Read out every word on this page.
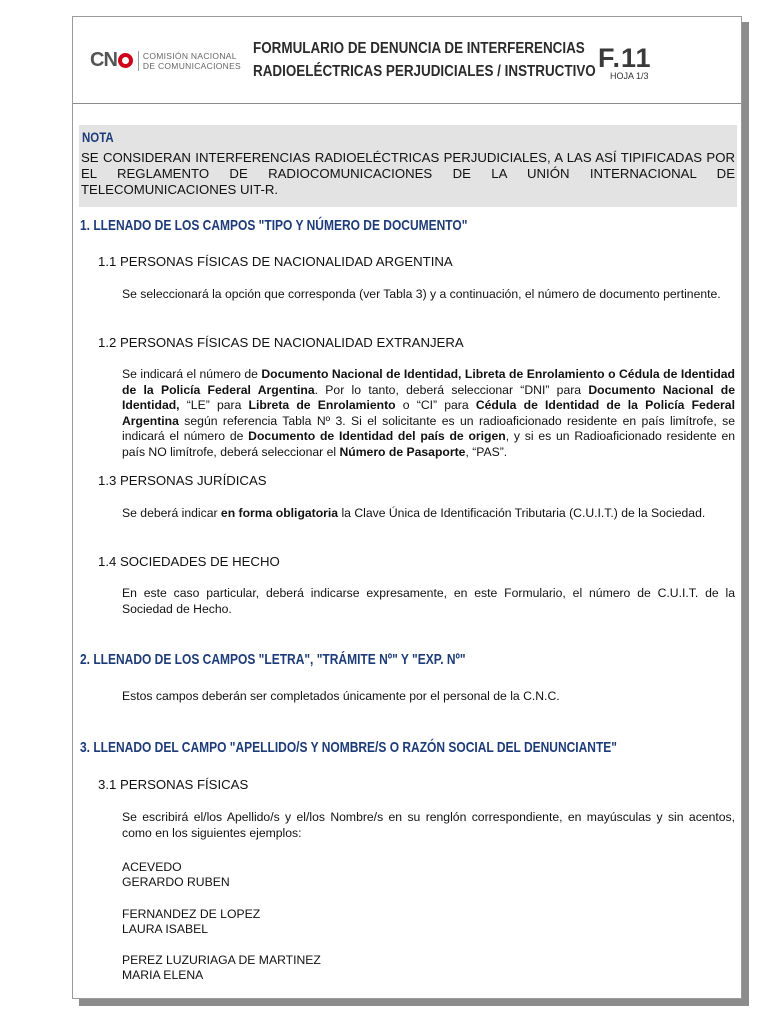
CN	COMISIÓN NACIONAL
DE COMUNICACIONES
FORMULARIO DE DENUNCIA DE INTERFERENCIAS
RADIOELÉCTRICAS PERJUDICIALES / INSTRUCTIVO F.11
HOJA 1/3
NOTA
SE CONSIDERAN INTERFERENCIAS RADIOELÉCTRICAS PERJUDICIALES, A LAS ASÍ TIPIFICADAS POR EL REGLAMENTO DE RADIOCOMUNICACIONES DE LA UNIÓN INTERNACIONAL DE TELECOMUNICACIONES UIT-R.
1. LLENADO DE LOS CAMPOS "TIPO Y NÚMERO DE DOCUMENTO"
1.1 PERSONAS FÍSICAS DE NACIONALIDAD ARGENTINA
Se seleccionará la opción que corresponda (ver Tabla 3) y a continuación, el número de documento pertinente.
1.2 PERSONAS FÍSICAS DE NACIONALIDAD EXTRANJERA
Se indicará el número de Documento Nacional de Identidad, Libreta de Enrolamiento o Cédula de Identidad de la Policía Federal Argentina. Por lo tanto, deberá seleccionar “DNI” para Documento Nacional de Identidad, “LE” para Libreta de Enrolamiento o “CI” para Cédula de Identidad de la Policía Federal Argentina según referencia Tabla Nº 3. Si el solicitante es un radioaficionado residente en país limítrofe, se indicará el número de Documento de Identidad del país de origen, y si es un Radioaficionado residente en país NO limítrofe, deberá seleccionar el Número de Pasaporte, “PAS”.
1.3 PERSONAS JURÍDICAS
Se deberá indicar en forma obligatoria la Clave Única de Identificación Tributaria (C.U.I.T.) de la Sociedad.
1.4 SOCIEDADES DE HECHO
En este caso particular, deberá indicarse expresamente, en este Formulario, el número de C.U.I.T. de la Sociedad de Hecho.
2. LLENADO DE LOS CAMPOS "LETRA", "TRÁMITE Nº" Y "EXP. Nº"
Estos campos deberán ser completados únicamente por el personal de la C.N.C.
3. LLENADO DEL CAMPO "APELLIDO/S Y NOMBRE/S O RAZÓN SOCIAL DEL DENUNCIANTE"
3.1 PERSONAS FÍSICAS
Se escribirá el/los Apellido/s y el/los Nombre/s en su renglón correspondiente, en mayúsculas y sin acentos, como en los siguientes ejemplos:
ACEVEDO
GERARDO RUBEN
FERNANDEZ DE LOPEZ
LAURA ISABEL
PEREZ LUZURIAGA DE MARTINEZ
MARIA ELENA
